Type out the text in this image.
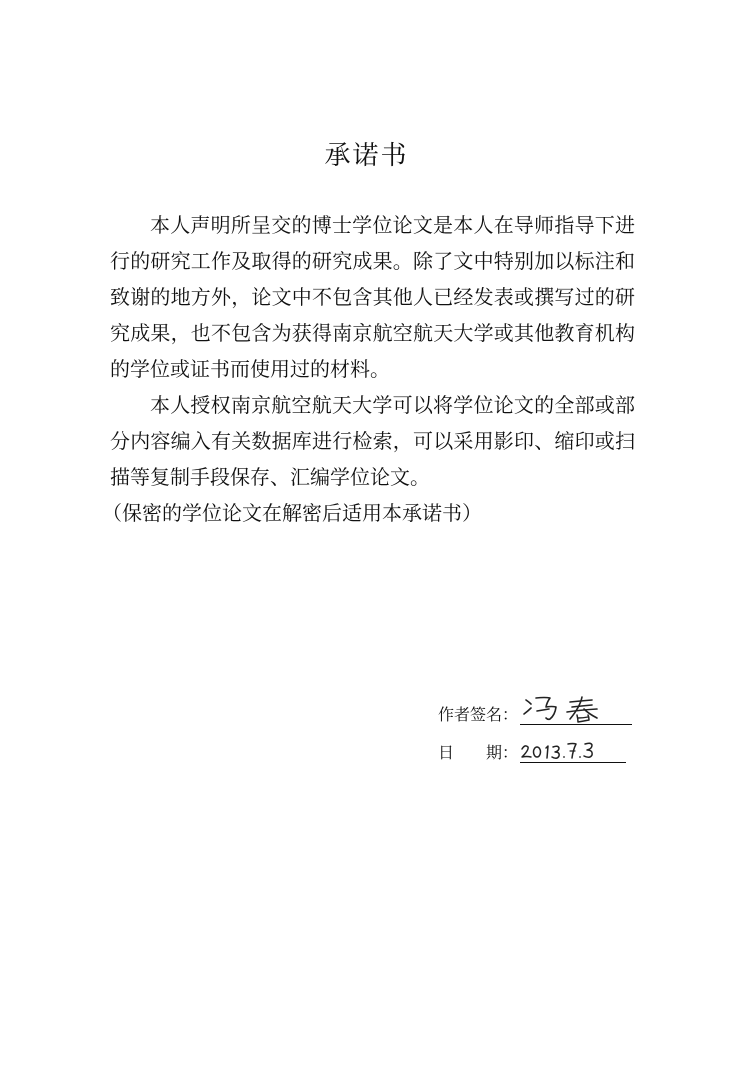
承诺书

本人声明所呈交的博士学位论文是本人在导师指导下进行的研究工作及取得的研究成果。除了文中特别加以标注和致谢的地方外，论文中不包含其他人已经发表或撰写过的研究成果，也不包含为获得南京航空航天大学或其他教育机构的学位或证书而使用过的材料。

本人授权南京航空航天大学可以将学位论文的全部或部分内容编入有关数据库进行检索，可以采用影印、缩印或扫描等复制手段保存、汇编学位论文。

（保密的学位论文在解密后适用本承诺书）

作者签名：
日　　期：
